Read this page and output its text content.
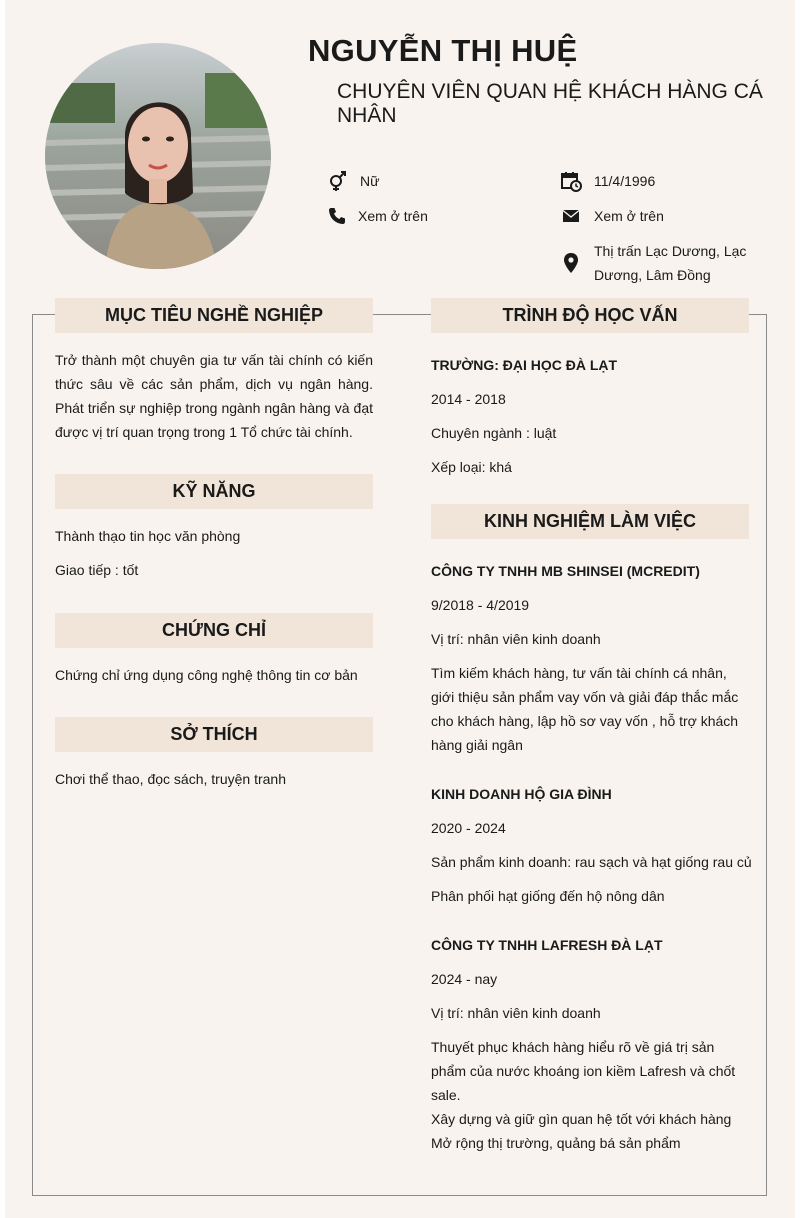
NGUYỄN THỊ HUỆ
CHUYÊN VIÊN QUAN HỆ KHÁCH HÀNG CÁ NHÂN
Nữ	11/4/1996
Xem ở trên	Xem ở trên
Thị trấn Lạc Dương, Lạc Dương, Lâm Đồng
MỤC TIÊU NGHỀ NGHIỆP
Trở thành một chuyên gia tư vấn tài chính có kiến thức sâu về các sản phẩm, dịch vụ ngân hàng. Phát triển sự nghiệp trong ngành ngân hàng và đạt được vị trí quan trọng trong 1 Tổ chức tài chính.
KỸ NĂNG
Thành thạo tin học văn phòng
Giao tiếp : tốt
CHỨNG CHỈ
Chứng chỉ ứng dụng công nghệ thông tin cơ bản
SỞ THÍCH
Chơi thể thao, đọc sách, truyện tranh
TRÌNH ĐỘ HỌC VẤN
TRƯỜNG: ĐẠI HỌC ĐÀ LẠT
2014 - 2018
Chuyên ngành : luật
Xếp loại: khá
KINH NGHIỆM LÀM VIỆC
CÔNG TY TNHH MB SHINSEI (MCREDIT)
9/2018 - 4/2019
Vị trí: nhân viên kinh doanh
Tìm kiếm khách hàng, tư vấn tài chính cá nhân, giới thiệu sản phẩm vay vốn và giải đáp thắc mắc cho khách hàng, lập hồ sơ vay vốn , hỗ trợ khách hàng giải ngân
KINH DOANH HỘ GIA ĐÌNH
2020 - 2024
Sản phẩm kinh doanh: rau sạch và hạt giống rau củ
Phân phối hạt giống đến hộ nông dân
CÔNG TY TNHH LAFRESH ĐÀ LẠT
2024 - nay
Vị trí: nhân viên kinh doanh
Thuyết phục khách hàng hiểu rõ về giá trị sản phẩm của nước khoáng ion kiềm Lafresh và chốt sale.
Xây dựng và giữ gìn quan hệ tốt với khách hàng
Mở rộng thị trường, quảng bá sản phẩm
